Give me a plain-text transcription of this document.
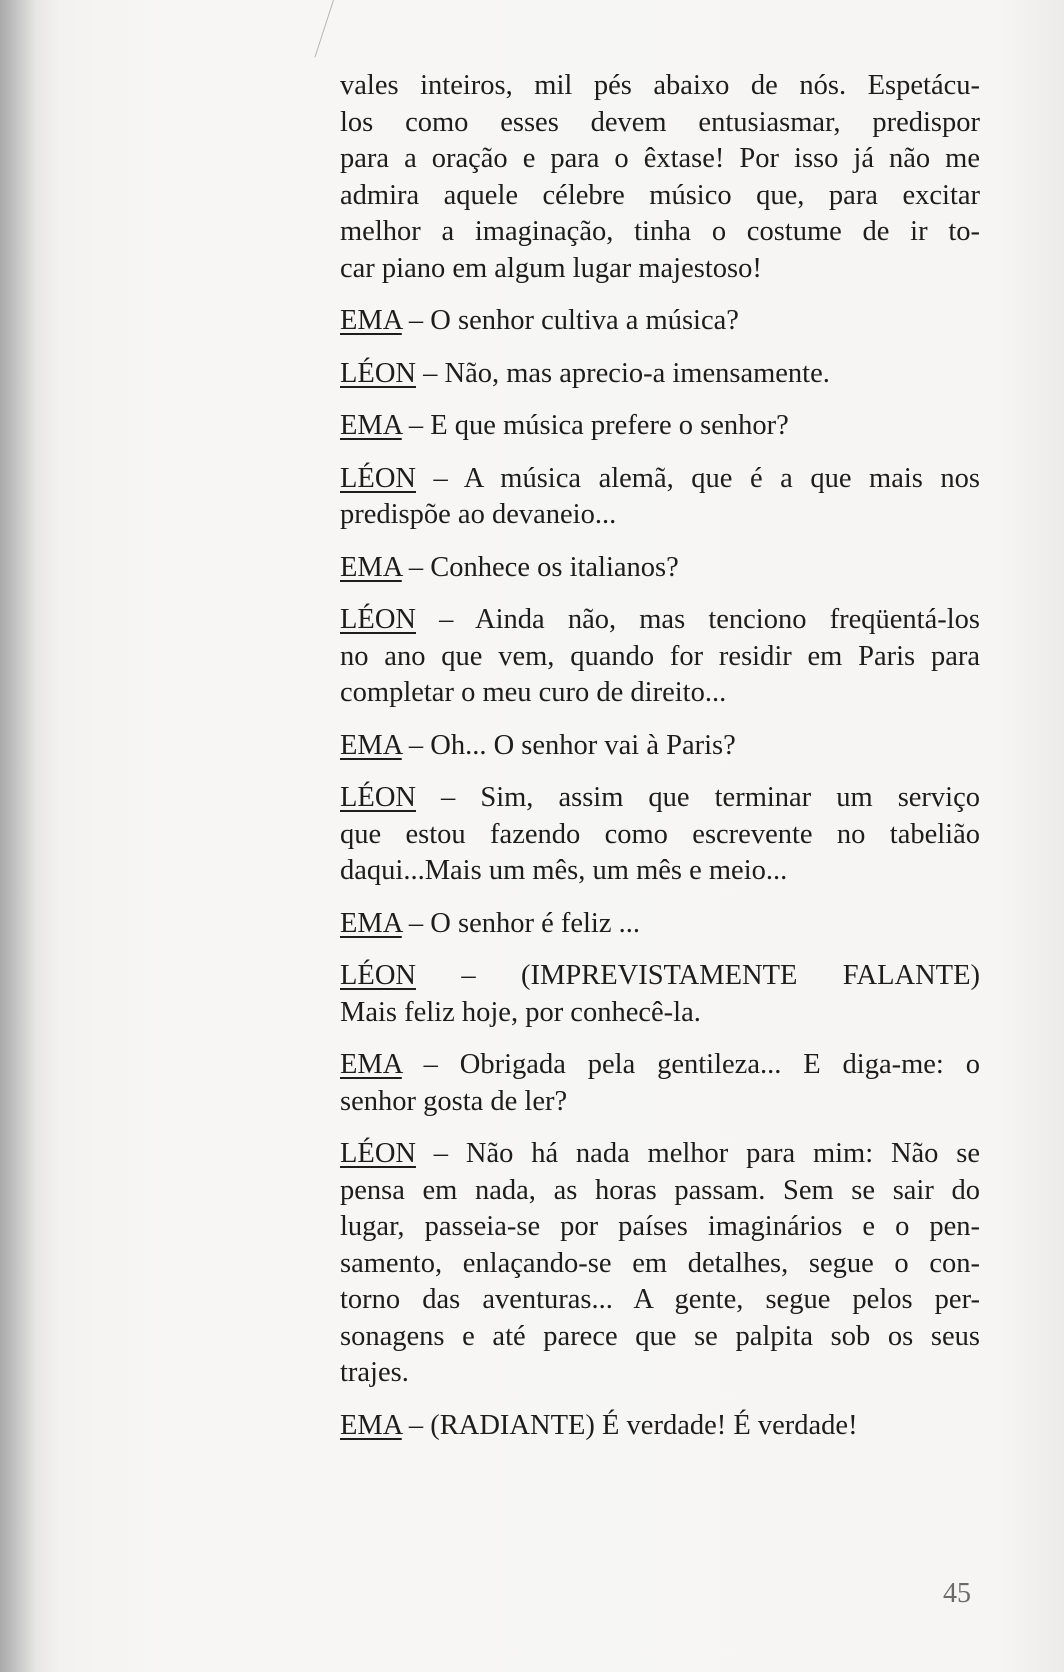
vales inteiros, mil pés abaixo de nós. Espetácu-
los como esses devem entusiasmar, predispor
para a oração e para o êxtase! Por isso já não me
admira aquele célebre músico que, para excitar
melhor a imaginação, tinha o costume de ir to-
car piano em algum lugar majestoso!

EMA – O senhor cultiva a música?

LÉON – Não, mas aprecio-a imensamente.

EMA – E que música prefere o senhor?

LÉON – A música alemã, que é a que mais nos
predispõe ao devaneio...

EMA – Conhece os italianos?

LÉON – Ainda não, mas tenciono freqüentá-los
no ano que vem, quando for residir em Paris para
completar o meu curo de direito...

EMA – Oh... O senhor vai à Paris?

LÉON – Sim, assim que terminar um serviço
que estou fazendo como escrevente no tabelião
daqui...Mais um mês, um mês e meio...

EMA – O senhor é feliz ...

LÉON – (IMPREVISTAMENTE FALANTE)
Mais feliz hoje, por conhecê-la.

EMA – Obrigada pela gentileza... E diga-me: o
senhor gosta de ler?

LÉON – Não há nada melhor para mim: Não se
pensa em nada, as horas passam. Sem se sair do
lugar, passeia-se por países imaginários e o pen-
samento, enlaçando-se em detalhes, segue o con-
torno das aventuras... A gente, segue pelos per-
sonagens e até parece que se palpita sob os seus
trajes.

EMA – (RADIANTE) É verdade! É verdade!

45
